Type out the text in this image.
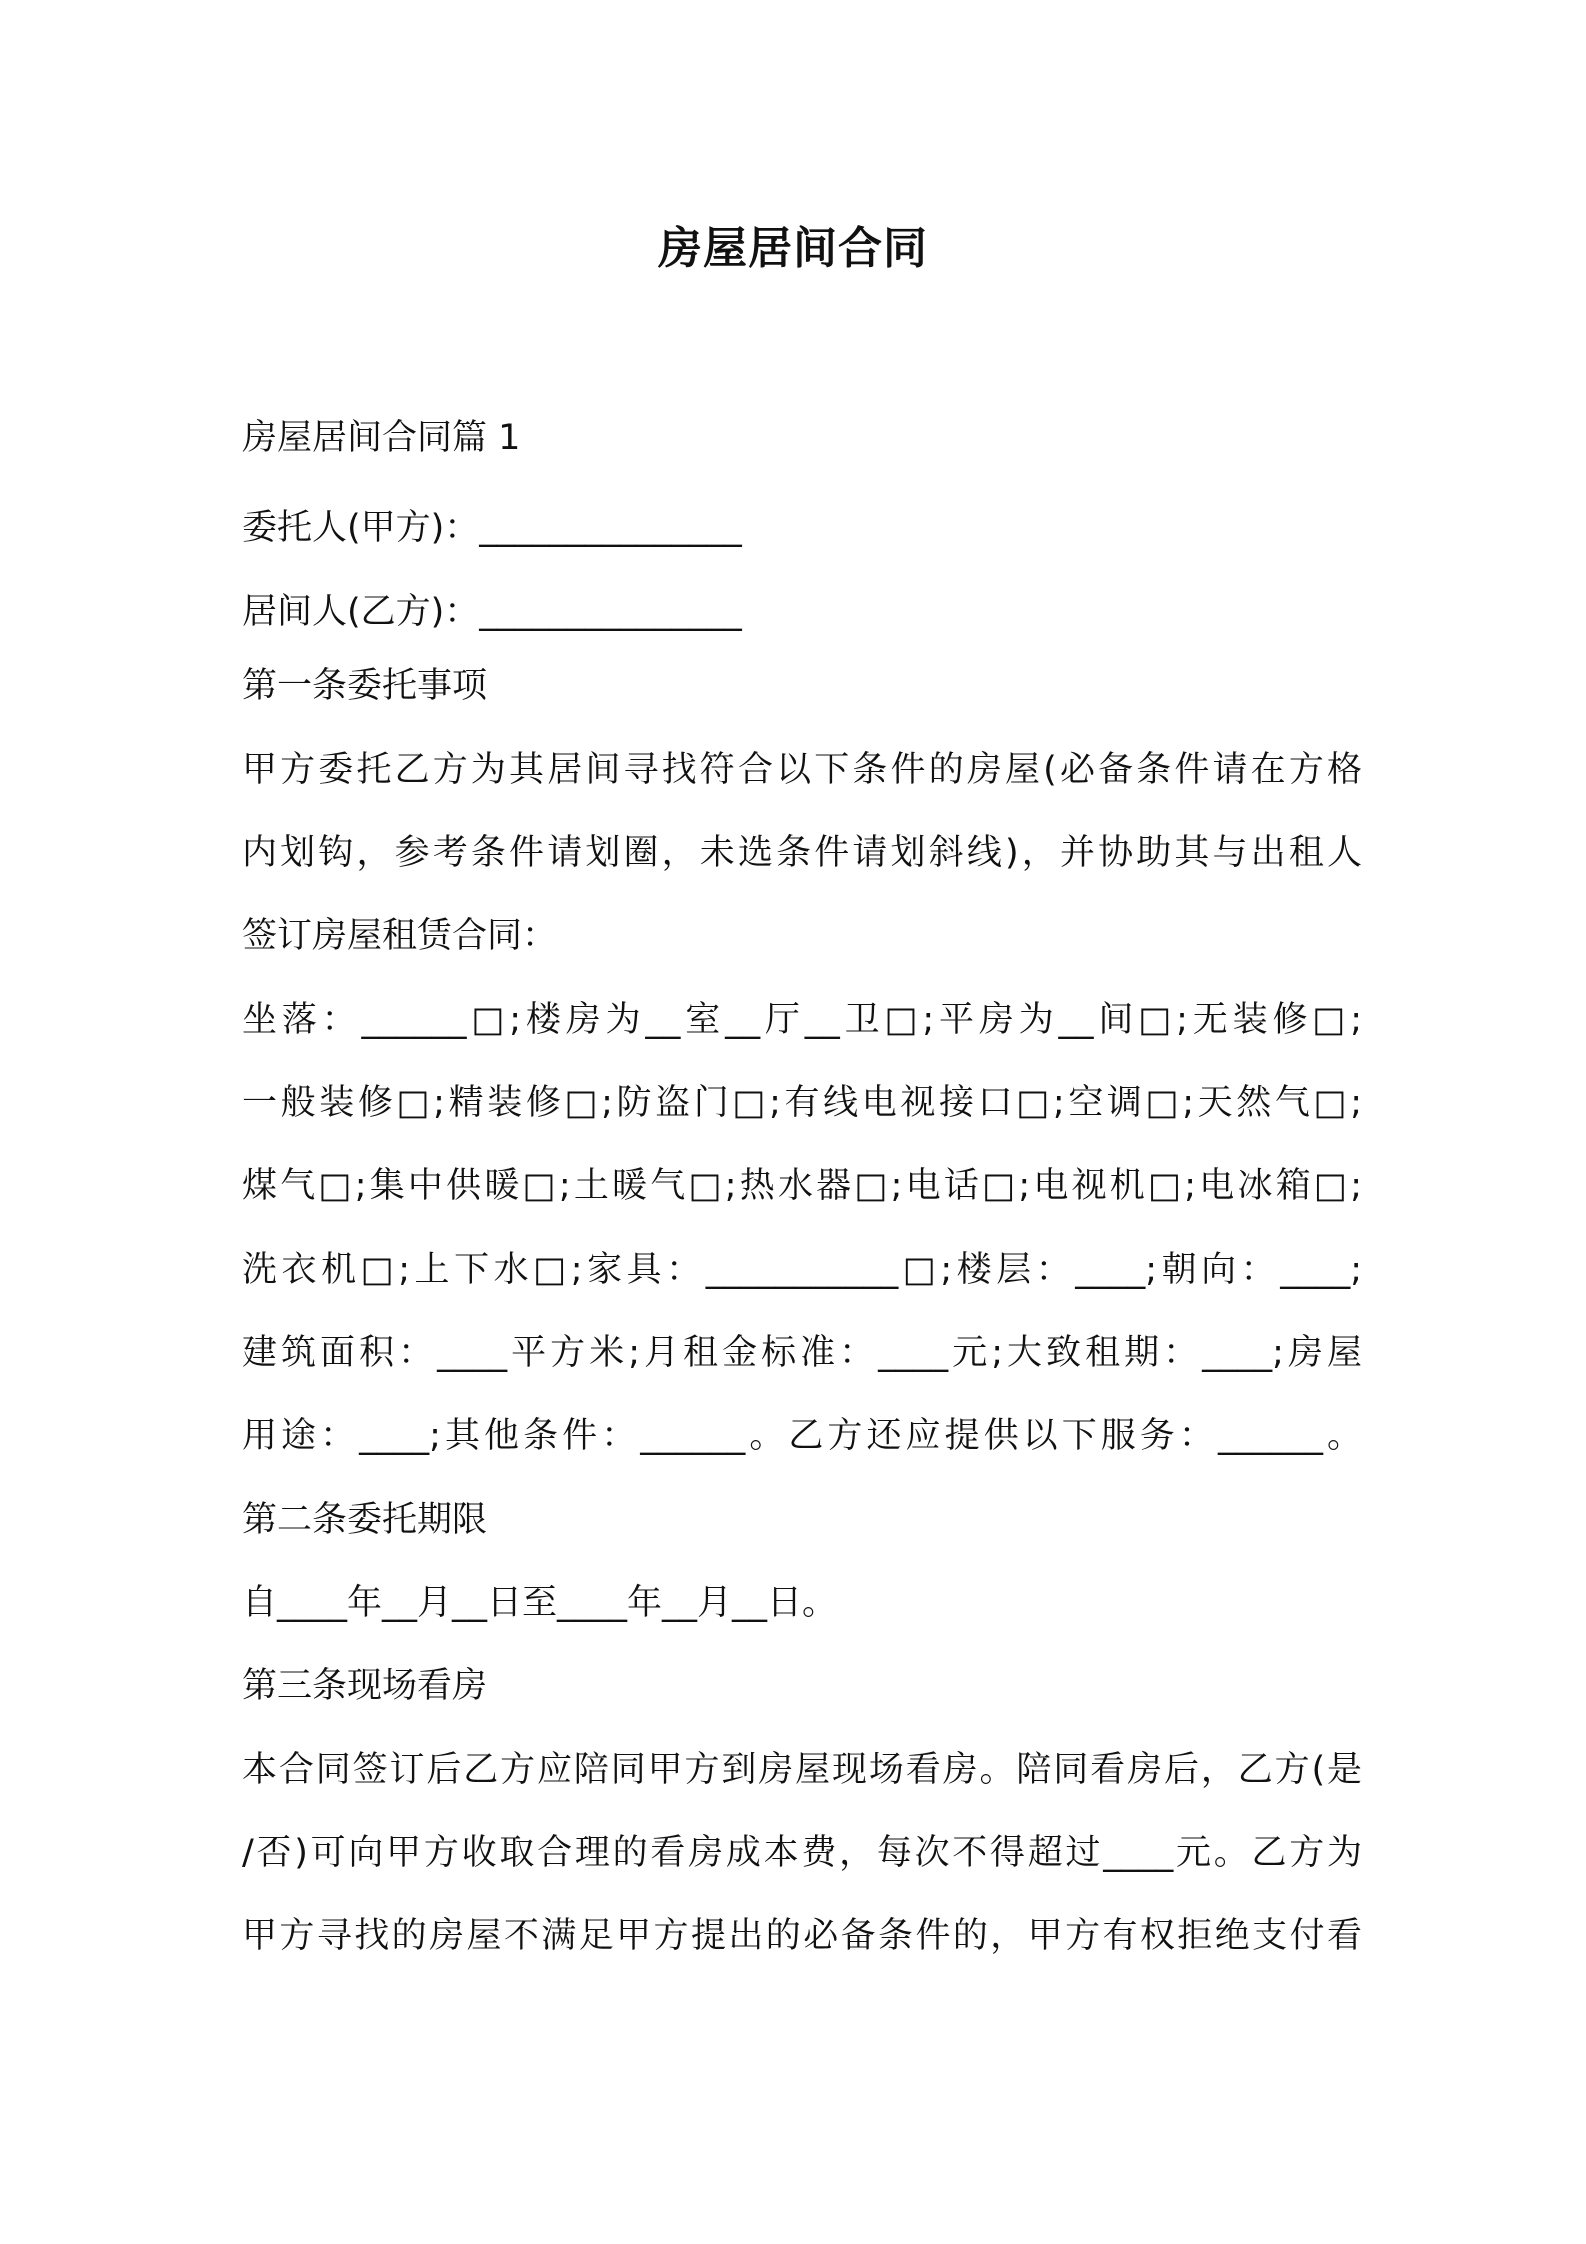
房屋居间合同

房屋居间合同篇 1

委托人(甲方)：_______________

居间人(乙方)：_______________

第一条委托事项

甲方委托乙方为其居间寻找符合以下条件的房屋(必备条件请在方格

内划钩，参考条件请划圈，未选条件请划斜线)，并协助其与出租人

签订房屋租赁合同：

坐落：______□;楼房为__室__厅__卫□;平房为__间□;无装修□;

一般装修□;精装修□;防盗门□;有线电视接口□;空调□;天然气□;

煤气□;集中供暖□;土暖气□;热水器□;电话□;电视机□;电冰箱□;

洗衣机□;上下水□;家具：___________□;楼层：____;朝向：____;

建筑面积：____平方米;月租金标准：____元;大致租期：____;房屋

用途：____;其他条件：______。乙方还应提供以下服务：______。

第二条委托期限

自____年__月__日至____年__月__日。

第三条现场看房

本合同签订后乙方应陪同甲方到房屋现场看房。陪同看房后，乙方(是

/否)可向甲方收取合理的看房成本费，每次不得超过____元。乙方为

甲方寻找的房屋不满足甲方提出的必备条件的，甲方有权拒绝支付看
